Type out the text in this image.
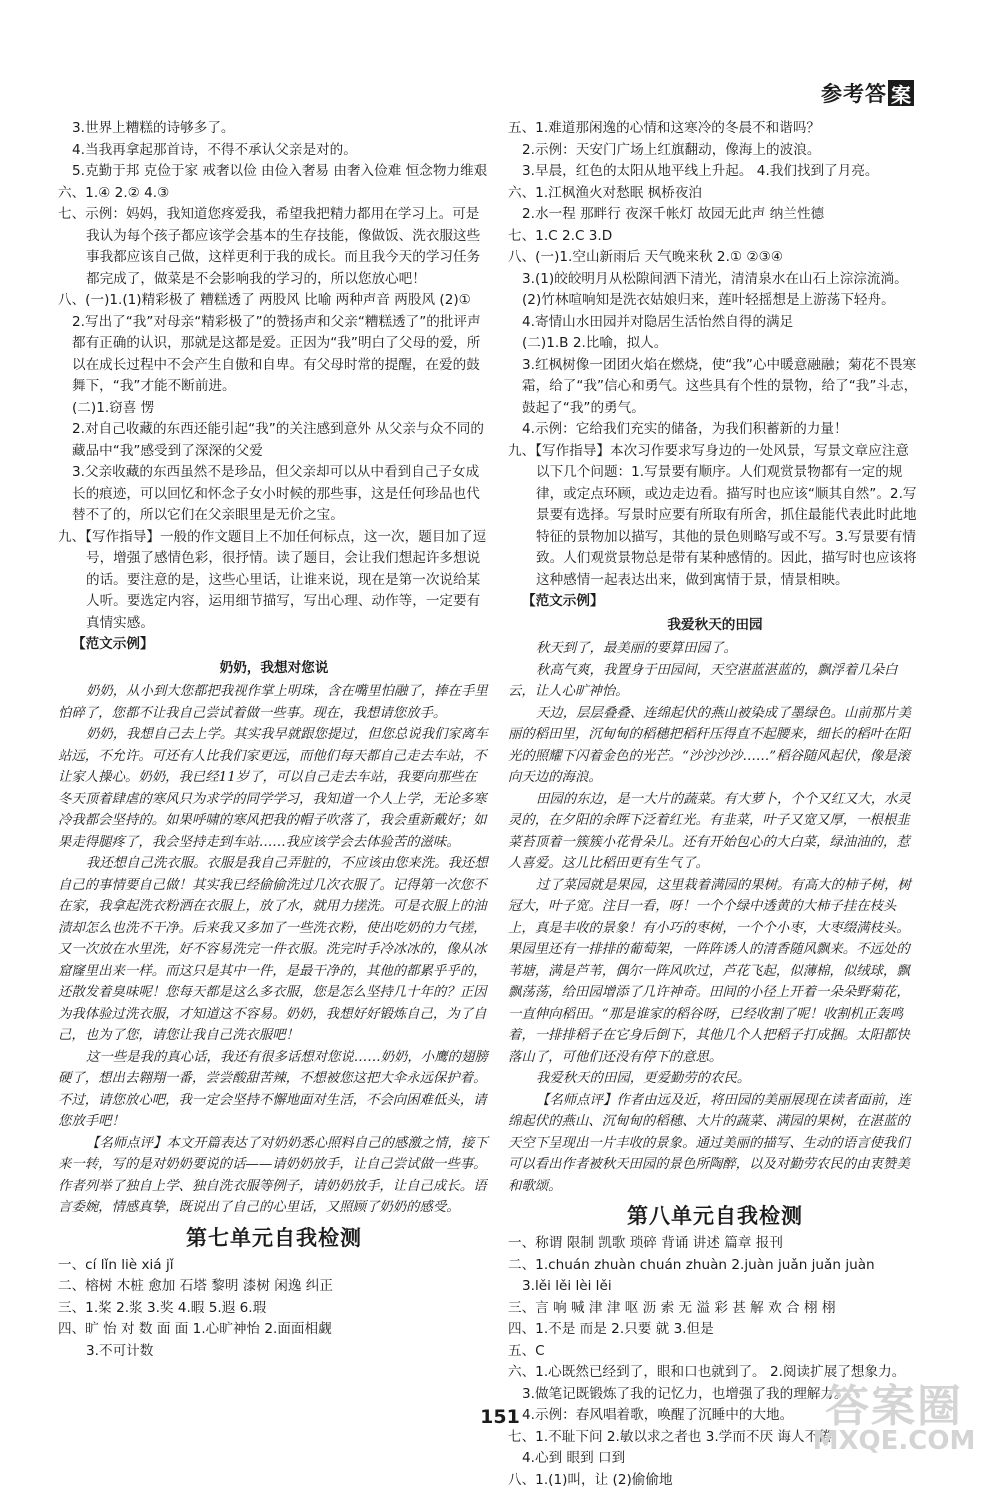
参考答 案

3.世界上糟糕的诗够多了。

4.当我再拿起那首诗，不得不承认父亲是对的。

5.克勤于邦 克俭于家 戒奢以俭 由俭入奢易 由奢入俭难 恒念物力维艰

六、1.④ 2.② 4.③

七、示例：妈妈，我知道您疼爱我，希望我把精力都用在学习上。可是我认为每个孩子都应该学会基本的生存技能，像做饭、洗衣服这些事我都应该自己做，这样更利于我的成长。而且我今天的学习任务都完成了，做菜是不会影响我的学习的，所以您放心吧！

八、(一)1.(1)精彩极了 糟糕透了 两股风 比喻 两种声音 两股风 (2)①

2.写出了“我”对母亲“精彩极了”的赞扬声和父亲“糟糕透了”的批评声都有正确的认识，那就是这都是爱。正因为“我”明白了父母的爱，所以在成长过程中不会产生自傲和自卑。有父母时常的提醒，在爱的鼓舞下，“我”才能不断前进。

(二)1.窃喜 愣

2.对自己收藏的东西还能引起“我”的关注感到意外 从父亲与众不同的藏品中“我”感受到了深深的父爱

3.父亲收藏的东西虽然不是珍品，但父亲却可以从中看到自己子女成长的痕迹，可以回忆和怀念子女小时候的那些事，这是任何珍品也代替不了的，所以它们在父亲眼里是无价之宝。

九、【写作指导】一般的作文题目上不加任何标点，这一次，题目加了逗号，增强了感情色彩，很抒情。读了题目，会让我们想起许多想说的话。要注意的是，这些心里话，让谁来说，现在是第一次说给某人听。要选定内容，运用细节描写，写出心理、动作等，一定要有真情实感。

【范文示例】

奶奶，我想对您说

奶奶，从小到大您都把我视作掌上明珠，含在嘴里怕融了，捧在手里怕碎了，您都不让我自己尝试着做一些事。现在，我想请您放手。

奶奶，我想自己去上学。其实我早就跟您提过，但您总说我们家离车站远，不允许。可还有人比我们家更远，而他们每天都自己走去车站，不让家人操心。奶奶，我已经11岁了，可以自己走去车站，我要向那些在冬天顶着肆虐的寒风只为求学的同学学习，我知道一个人上学，无论多寒冷我都会坚持的。如果呼啸的寒风把我的帽子吹落了，我会重新戴好；如果走得腿疼了，我会坚持走到车站……我应该学会去体验苦的滋味。

我还想自己洗衣服。衣服是我自己弄脏的，不应该由您来洗。我还想自己的事情要自己做！其实我已经偷偷洗过几次衣服了。记得第一次您不在家，我拿起洗衣粉洒在衣服上，放了水，就用力搓洗。可是衣服上的油渍却怎么也洗不干净。后来我又多加了一些洗衣粉，使出吃奶的力气搓，又一次放在水里洗，好不容易洗完一件衣服。洗完时手冷冰冰的，像从冰窟窿里出来一样。而这只是其中一件，是最干净的，其他的都累乎乎的，还散发着臭味呢！您每天都是这么多衣服，您是怎么坚持几十年的？正因为我体验过洗衣服，才知道这不容易。奶奶，我想好好锻炼自己，为了自己，也为了您，请您让我自己洗衣服吧！

这一些是我的真心话，我还有很多话想对您说……奶奶，小鹰的翅膀硬了，想出去翱翔一番，尝尝酸甜苦辣，不想被您这把大伞永远保护着。不过，请您放心吧，我一定会坚持不懈地面对生活，不会向困难低头，请您放手吧！

【名师点评】本文开篇表达了对奶奶悉心照料自己的感激之情，接下来一转，写的是对奶奶要说的话——请奶奶放手，让自己尝试做一些事。作者列举了独自上学、独自洗衣服等例子，请奶奶放手，让自己成长。语言委婉，情感真挚，既说出了自己的心里话，又照顾了奶奶的感受。

第七单元自我检测

一、cí lǐn liè xiá jǐ

二、榕树 木桩 愈加 石塔 黎明 漆树 闲逸 纠正

三、1.桨 2.浆 3.奖 4.暇 5.遐 6.瑕

四、旷 怡 对 数 面 面 1.心旷神怡 2.面面相觑

3.不可计数

五、1.难道那闲逸的心情和这寒冷的冬晨不和谐吗？

2.示例：天安门广场上红旗翻动，像海上的波浪。

3.早晨，红色的太阳从地平线上升起。 4.我们找到了月亮。

六、1.江枫渔火对愁眠 枫桥夜泊

2.水一程 那畔行 夜深千帐灯 故园无此声 纳兰性德

七、1.C 2.C 3.D

八、(一)1.空山新雨后 天气晚来秋 2.① ②③④

3.(1)皎皎明月从松隙间洒下清光，清清泉水在山石上淙淙流淌。 (2)竹林喧响知是洗衣姑娘归来，莲叶轻摇想是上游荡下轻舟。

4.寄情山水田园并对隐居生活怡然自得的满足

(二)1.B 2.比喻，拟人。

3.红枫树像一团团火焰在燃烧，使“我”心中暖意融融；菊花不畏寒霜，给了“我”信心和勇气。这些具有个性的景物，给了“我”斗志，鼓起了“我”的勇气。

4.示例：它给我们充实的储备，为我们积蓄新的力量！

九、【写作指导】本次习作要求写身边的一处风景，写景文章应注意以下几个问题：1.写景要有顺序。人们观赏景物都有一定的规律，或定点环顾，或边走边看。描写时也应该“顺其自然”。2.写景要有选择。写景时应要有所取有所舍，抓住最能代表此时此地特征的景物加以描写，其他的景色则略写或不写。3.写景要有情致。人们观赏景物总是带有某种感情的。因此，描写时也应该将这种感情一起表达出来，做到寓情于景，情景相映。

【范文示例】

我爱秋天的田园

秋天到了，最美丽的要算田园了。

秋高气爽，我置身于田园间，天空湛蓝湛蓝的，飘浮着几朵白云，让人心旷神怡。

天边，层层叠叠、连绵起伏的燕山被染成了墨绿色。山前那片美丽的稻田里，沉甸甸的稻穗把稻秆压得直不起腰来，细长的稻叶在阳光的照耀下闪着金色的光芒。“沙沙沙沙……”稻谷随风起伏，像是滚向天边的海浪。

田园的东边，是一大片的蔬菜。有大萝卜，个个又红又大，水灵灵的，在夕阳的余晖下泛着红光。有韭菜，叶子又宽又厚，一根根韭菜苔顶着一簇簇小花骨朵儿。还有开始包心的大白菜，绿油油的，惹人喜爱。这儿比稻田更有生气了。

过了菜园就是果园，这里栽着满园的果树。有高大的柿子树，树冠大，叶子宽。注目一看，呀！一个个绿中透黄的大柿子挂在枝头上，真是丰收的景象！有小巧的枣树，一个个小枣，大枣缀满枝头。果园里还有一排排的葡萄架，一阵阵诱人的清香随风飘来。不远处的苇塘，满是芦苇，偶尔一阵风吹过，芦花飞起，似薄棉，似绒球，飘飘荡荡，给田园增添了几许神奇。田间的小径上开着一朵朵野菊花，一直伸向稻田。“那是谁家的稻谷呀，已经收割了呢！收割机正轰鸣着，一排排稻子在它身后倒下，其他几个人把稻子打成捆。太阳都快落山了，可他们还没有停下的意思。

我爱秋天的田园，更爱勤劳的农民。

【名师点评】作者由远及近，将田园的美丽展现在读者面前，连绵起伏的燕山、沉甸甸的稻穗、大片的蔬菜、满园的果树，在湛蓝的天空下呈现出一片丰收的景象。通过美丽的描写、生动的语言使我们可以看出作者被秋天田园的景色所陶醉，以及对勤劳农民的由衷赞美和歌颂。

第八单元自我检测

一、称谓 限制 凯歌 琐碎 背诵 讲述 篇章 报刊

二、1.chuán zhuàn chuán zhuàn 2.juàn juǎn juǎn juàn

3.lěi lěi lèi lěi

三、言 响 喊 津 津 呕 沥 索 无 溢 彩 甚 解 欢 合 栩 栩

四、1.不是 而是 2.只要 就 3.但是

五、C

六、1.心既然已经到了，眼和口也就到了。 2.阅读扩展了想象力。

3.做笔记既锻炼了我的记忆力，也增强了我的理解力。

4.示例：春风唱着歌，唤醒了沉睡中的大地。

七、1.不耻下问 2.敏以求之者也 3.学而不厌 诲人不倦

4.心到 眼到 口到

八、1.(1)叫，让 (2)偷偷地

151	答案圈
MXQE.COM
